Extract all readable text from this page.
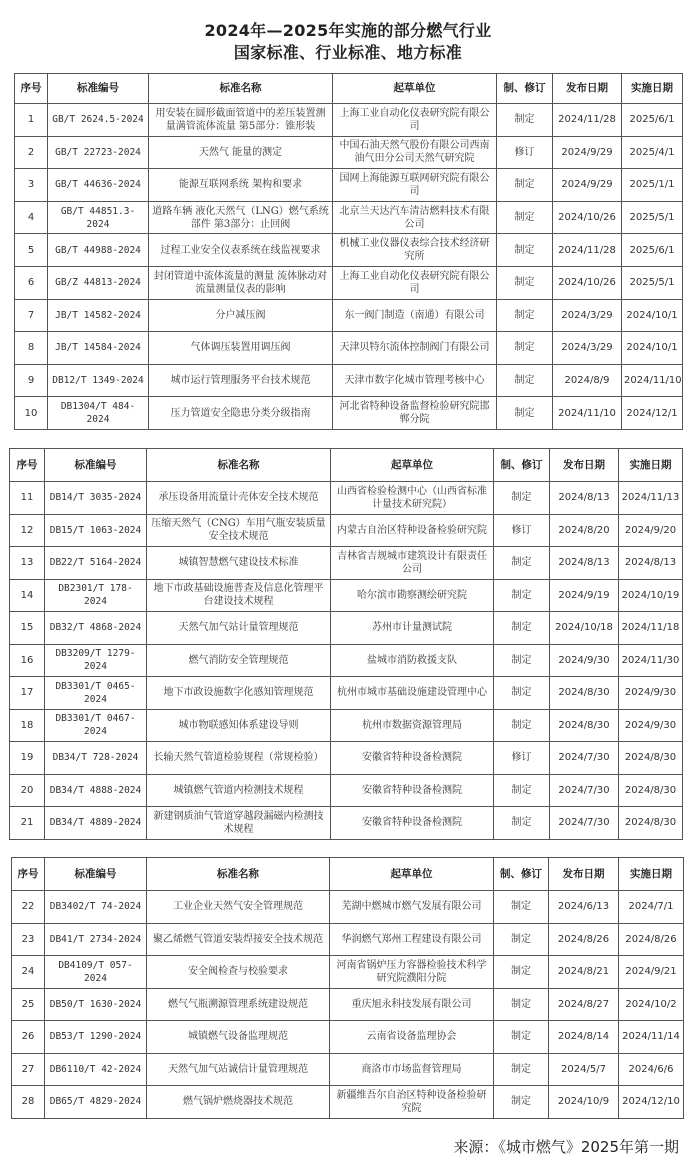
2024年—2025年实施的部分燃气行业
国家标准、行业标准、地方标准
序号	标准编号	标准名称	起草单位	制、修订	发布日期	实施日期
1	GB/T 2624.5-2024	用安装在圆形截面管道中的差压装置测量满管流体流量 第5部分：锥形装	上海工业自动化仪表研究院有限公司	制定	2024/11/28	2025/6/1
2	GB/T 22723-2024	天然气 能量的测定	中国石油天然气股份有限公司西南油气田分公司天然气研究院	修订	2024/9/29	2025/4/1
3	GB/T 44636-2024	能源互联网系统 架构和要求	国网上海能源互联网研究院有限公司	制定	2024/9/29	2025/1/1
4	GB/T 44851.3-2024	道路车辆 液化天然气（LNG）燃气系统部件 第3部分：止回阀	北京兰天达汽车清洁燃料技术有限公司	制定	2024/10/26	2025/5/1
5	GB/T 44988-2024	过程工业安全仪表系统在线监视要求	机械工业仪器仪表综合技术经济研究所	制定	2024/11/28	2025/6/1
6	GB/Z 44813-2024	封闭管道中流体流量的测量 流体脉动对流量测量仪表的影响	上海工业自动化仪表研究院有限公司	制定	2024/10/26	2025/5/1
7	JB/T 14582-2024	分户减压阀	东一阀门制造（南通）有限公司	制定	2024/3/29	2024/10/1
8	JB/T 14584-2024	气体调压装置用调压阀	天津贝特尔流体控制阀门有限公司	制定	2024/3/29	2024/10/1
9	DB12/T 1349-2024	城市运行管理服务平台技术规范	天津市数字化城市管理考核中心	制定	2024/8/9	2024/11/10
10	DB1304/T 484-2024	压力管道安全隐患分类分级指南	河北省特种设备监督检验研究院邯郸分院	制定	2024/11/10	2024/12/1
序号	标准编号	标准名称	起草单位	制、修订	发布日期	实施日期
11	DB14/T 3035-2024	承压设备用流量计壳体安全技术规范	山西省检验检测中心（山西省标准计量技术研究院）	制定	2024/8/13	2024/11/13
12	DB15/T 1063-2024	压缩天然气（CNG）车用气瓶安装质量安全技术规范	内蒙古自治区特种设备检验研究院	修订	2024/8/20	2024/9/20
13	DB22/T 5164-2024	城镇智慧燃气建设技术标准	吉林省吉规城市建筑设计有限责任公司	制定	2024/8/13	2024/8/13
14	DB2301/T 178-2024	地下市政基础设施普查及信息化管理平台建设技术规程	哈尔滨市勘察测绘研究院	制定	2024/9/19	2024/10/19
15	DB32/T 4868-2024	天然气加气站计量管理规范	苏州市计量测试院	制定	2024/10/18	2024/11/18
16	DB3209/T 1279-2024	燃气消防安全管理规范	盐城市消防救援支队	制定	2024/9/30	2024/11/30
17	DB3301/T 0465-2024	地下市政设施数字化感知管理规范	杭州市城市基础设施建设管理中心	制定	2024/8/30	2024/9/30
18	DB3301/T 0467-2024	城市物联感知体系建设导则	杭州市数据资源管理局	制定	2024/8/30	2024/9/30
19	DB34/T 728-2024	长输天然气管道检验规程（常规检验）	安徽省特种设备检测院	修订	2024/7/30	2024/8/30
20	DB34/T 4888-2024	城镇燃气管道内检测技术规程	安徽省特种设备检测院	制定	2024/7/30	2024/8/30
21	DB34/T 4889-2024	新建钢质油气管道穿越段漏磁内检测技术规程	安徽省特种设备检测院	制定	2024/7/30	2024/8/30
序号	标准编号	标准名称	起草单位	制、修订	发布日期	实施日期
22	DB3402/T 74-2024	工业企业天然气安全管理规范	芜湖中燃城市燃气发展有限公司	制定	2024/6/13	2024/7/1
23	DB41/T 2734-2024	聚乙烯燃气管道安装焊接安全技术规范	华润燃气郑州工程建设有限公司	制定	2024/8/26	2024/8/26
24	DB4109/T 057-2024	安全阀检查与校验要求	河南省锅炉压力容器检验技术科学研究院濮阳分院	制定	2024/8/21	2024/9/21
25	DB50/T 1630-2024	燃气气瓶溯源管理系统建设规范	重庆旭永科技发展有限公司	制定	2024/8/27	2024/10/2
26	DB53/T 1290-2024	城镇燃气设备监理规范	云南省设备监理协会	制定	2024/8/14	2024/11/14
27	DB6110/T 42-2024	天然气加气站诚信计量管理规范	商洛市市场监督管理局	制定	2024/5/7	2024/6/6
28	DB65/T 4829-2024	燃气锅炉燃烧器技术规范	新疆维吾尔自治区特种设备检验研究院	制定	2024/10/9	2024/12/10
来源：《城市燃气》2025年第一期
